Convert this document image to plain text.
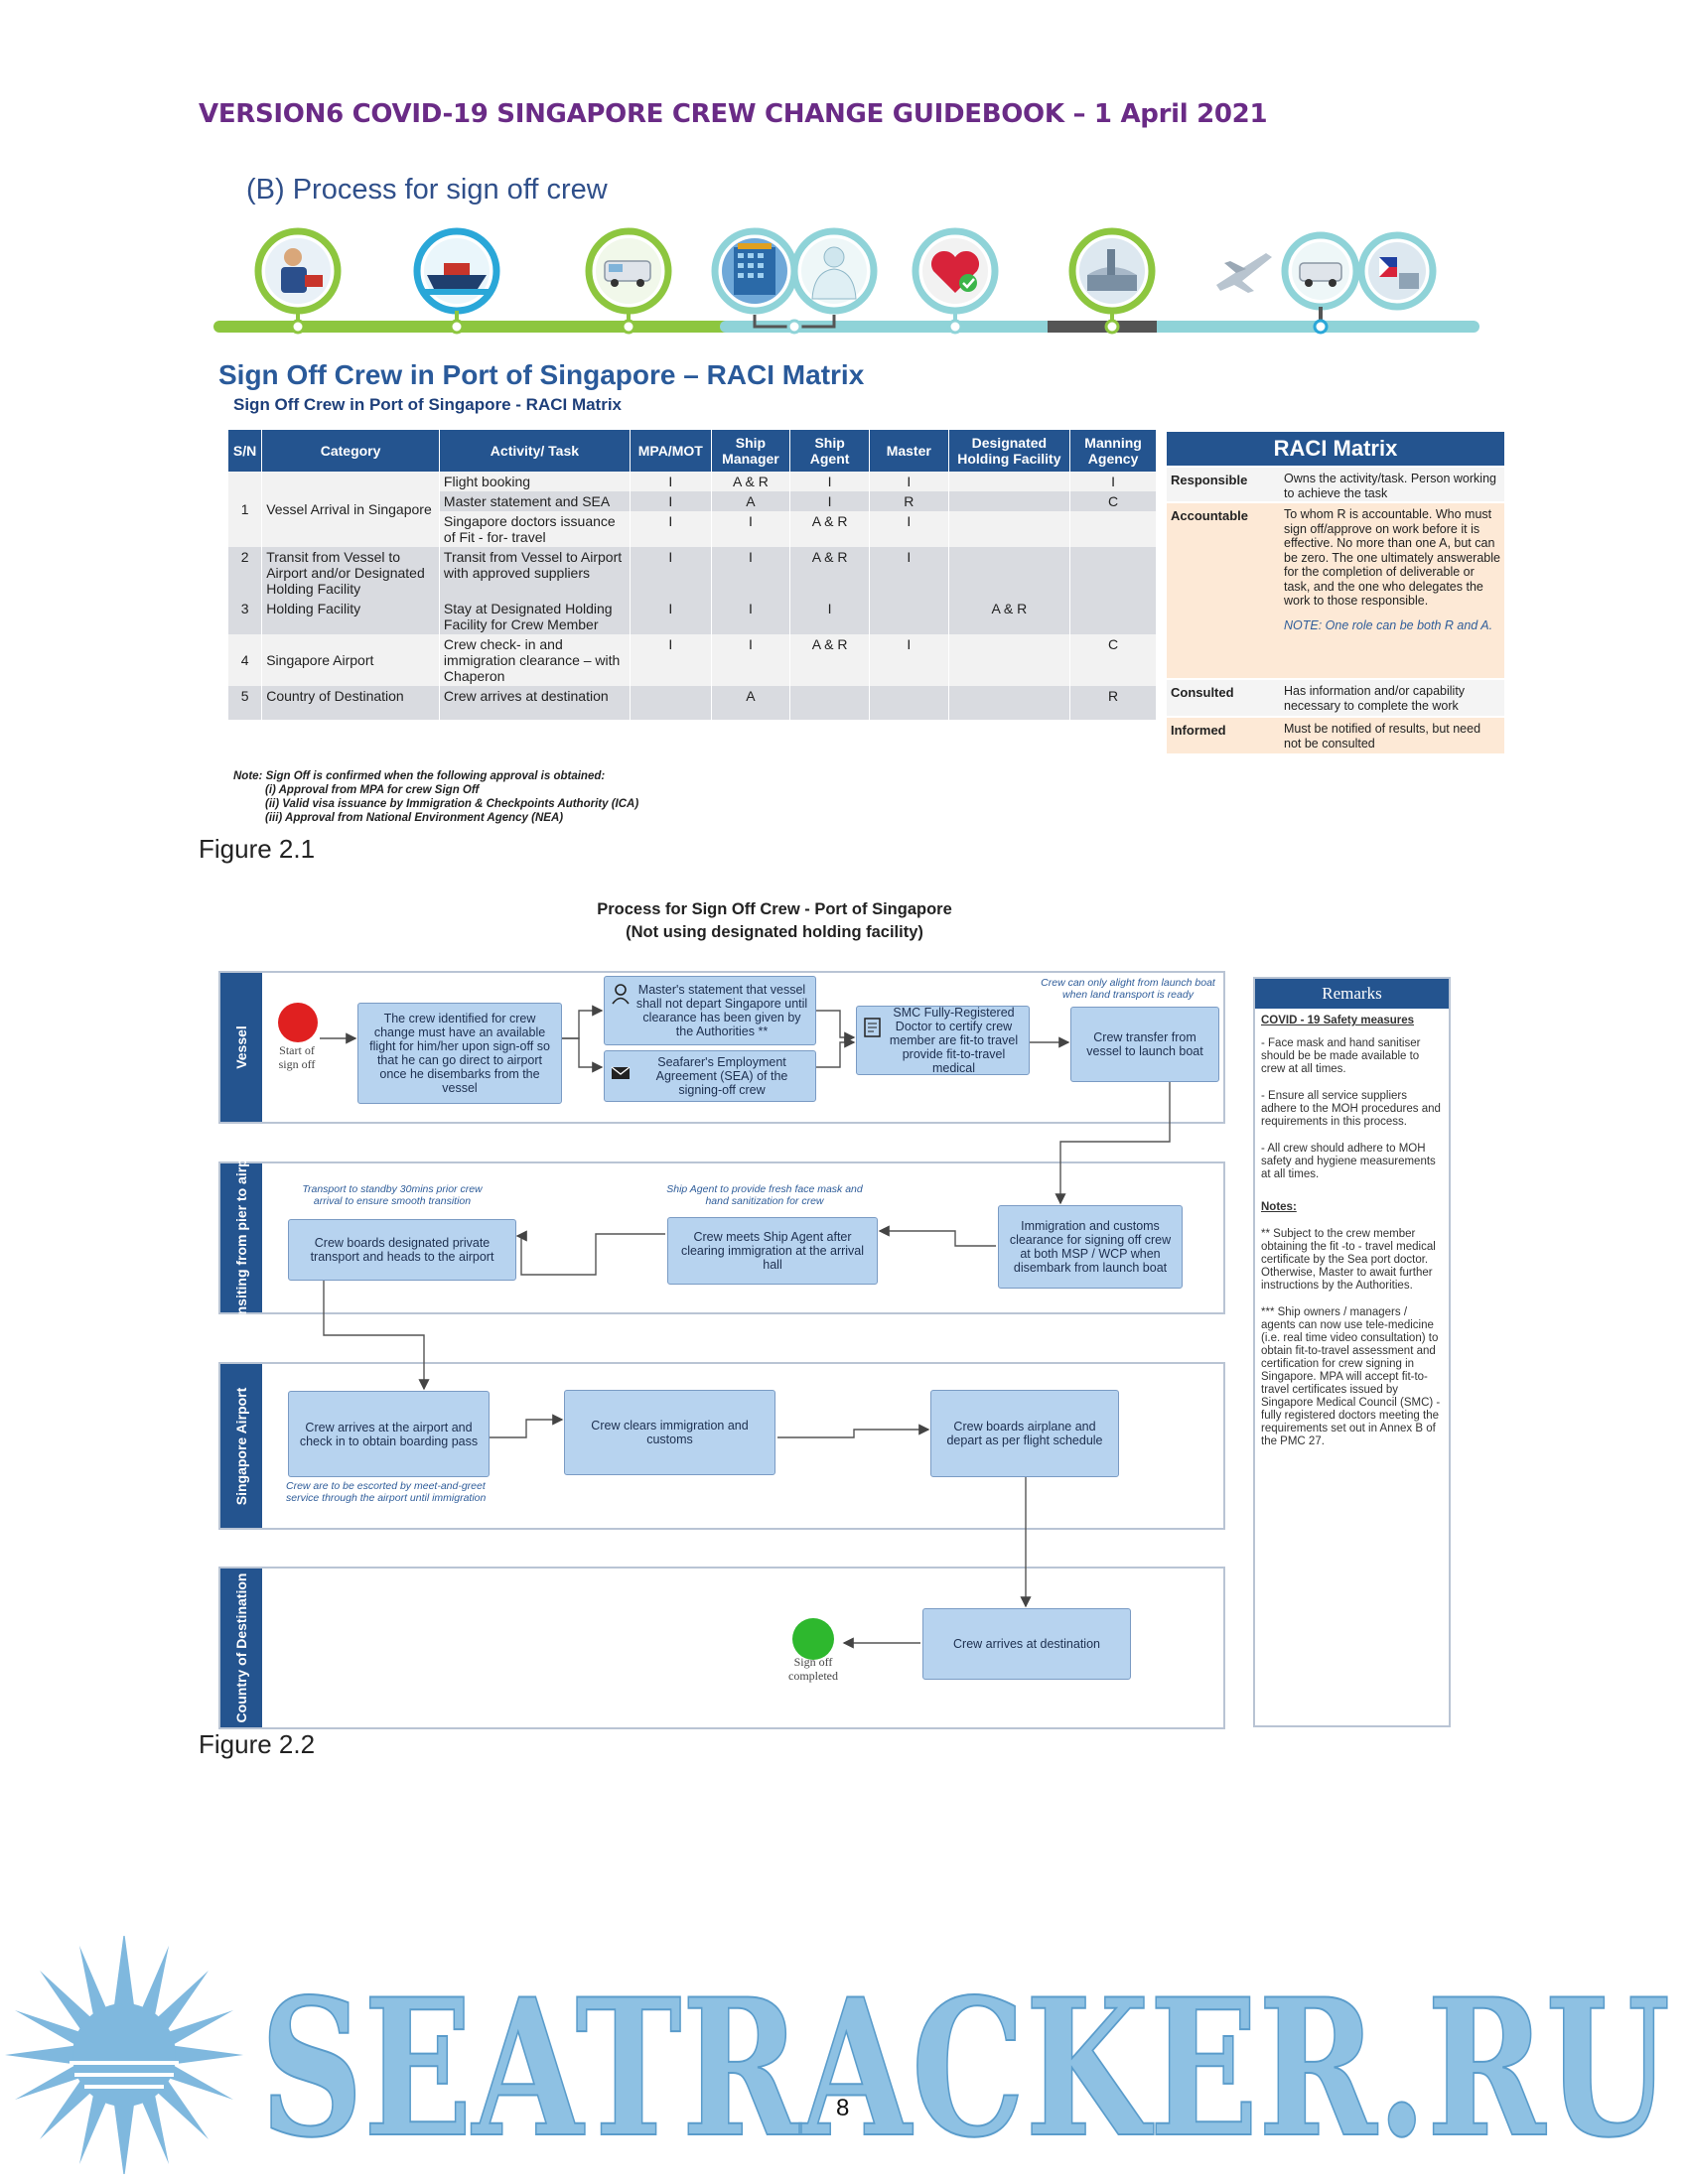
VERSION6 COVID-19 SINGAPORE CREW CHANGE GUIDEBOOK – 1 April 2021
(B) Process for sign off crew
Sign Off Crew in Port of Singapore – RACI Matrix
Sign Off Crew in Port of Singapore - RACI Matrix
S/N	Category	Activity/ Task	MPA/MOT	Ship Manager	Ship Agent	Master	Designated Holding Facility	Manning Agency
1	Vessel Arrival in Singapore	Flight booking	I	A & R	I	I		I
		Master statement and SEA	I	A	I	R		C
		Singapore doctors issuance of Fit - for- travel	I	I	A & R	I		
2	Transit from Vessel to Airport and/or Designated Holding Facility	Transit from Vessel to Airport with approved suppliers	I	I	A & R	I		
3	Holding Facility	Stay at Designated Holding Facility for Crew Member	I	I	I		A & R	
4	Singapore Airport	Crew check- in and immigration clearance – with Chaperon	I	I	A & R	I		C
5	Country of Destination	Crew arrives at destination		A				R
Note: Sign Off is confirmed when the following approval is obtained:
(i) Approval from MPA for crew Sign Off
(ii) Valid visa issuance by Immigration & Checkpoints Authority (ICA)
(iii) Approval from National Environment Agency (NEA)
RACI Matrix
Responsible	Owns the activity/task. Person working to achieve the task
Accountable	To whom R is accountable. Who must sign off/approve on work before it is effective. No more than one A, but can be zero. The one ultimately answerable for the completion of deliverable or task, and the one who delegates the work to those responsible.
NOTE: One role can be both R and A.
Consulted	Has information and/or capability necessary to complete the work
Informed	Must be notified of results, but need not be consulted
Figure 2.1
Process for Sign Off Crew - Port of Singapore
(Not using designated holding facility)
Vessel
Transiting from pier to airport
Singapore Airport
Country of Destination
Start of sign off
The crew identified for crew change must have an available flight for him/her upon sign-off so that he can go direct to airport once he disembarks from the vessel
Master's statement that vessel shall not depart Singapore until clearance has been given by the Authorities **
Seafarer's Employment Agreement (SEA) of the signing-off crew
SMC Fully-Registered Doctor to certify crew member are fit-to travel provide fit-to-travel medical
Crew can only alight from launch boat when land transport is ready
Crew transfer from vessel to launch boat
Transport to standby 30mins prior crew arrival to ensure smooth transition
Ship Agent to provide fresh face mask and hand sanitization for crew
Crew boards designated private transport and heads to the airport
Crew meets Ship Agent after clearing immigration at the arrival hall
Immigration and customs clearance for signing off crew at both MSP / WCP when disembark from launch boat
Crew arrives at the airport and check in to obtain boarding pass
Crew are to be escorted by meet-and-greet service through the airport until immigration
Crew clears immigration and customs
Crew boards airplane and depart as per flight schedule
Sign off completed
Crew arrives at destination
Remarks

COVID - 19 Safety measures

- Face mask and hand sanitiser should be be made available to crew at all times.

- Ensure all service suppliers adhere to the MOH procedures and requirements in this process.

- All crew should adhere to MOH safety and hygiene measurements at all times.

Notes:

** Subject to the crew member obtaining the fit -to - travel medical certificate by the Sea port doctor. Otherwise, Master to await further instructions by the Authorities.

*** Ship owners / managers / agents can now use tele-medicine (i.e. real time video consultation) to obtain fit-to-travel assessment and certification for crew signing in Singapore. MPA will accept fit-to-travel certificates issued by Singapore Medical Council (SMC) - fully registered doctors meeting the requirements set out in Annex B of the PMC 27.

Figure 2.2
SEATRACKER.RU
8
